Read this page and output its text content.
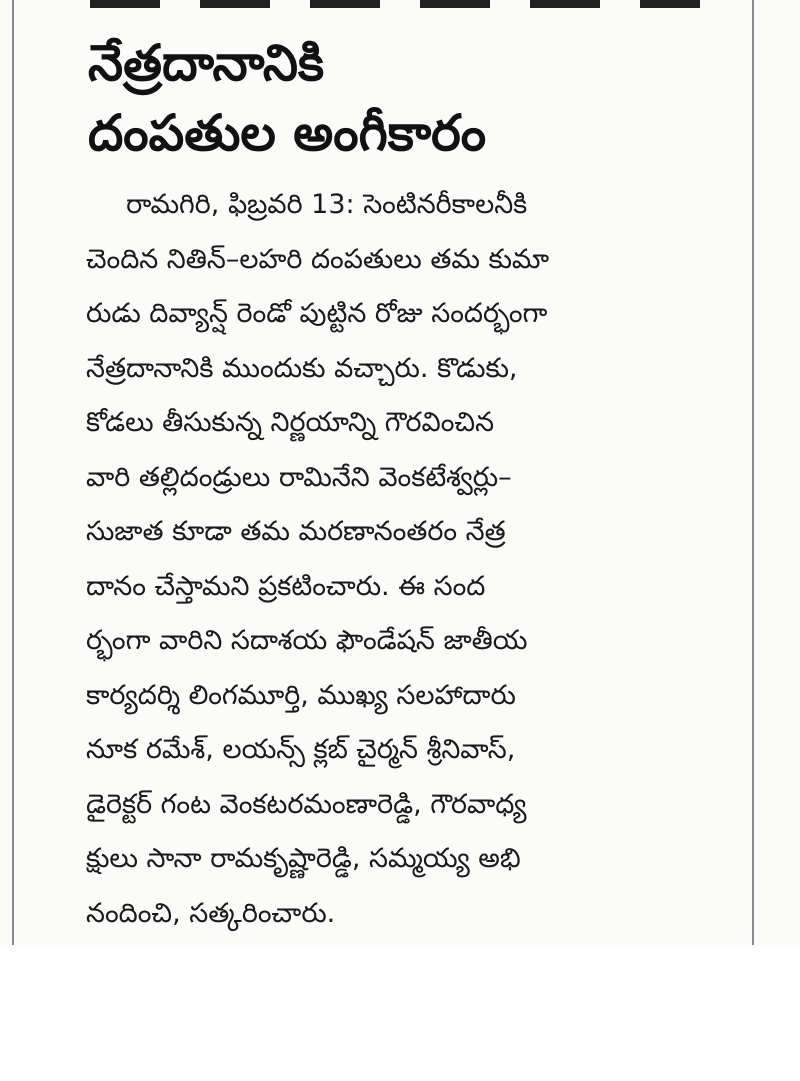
నేత్రదానానికి
దంపతుల అంగీకారం
రామగిరి, ఫిబ్రవరి 13: సెంటినరీకాలనీకి
చెందిన నితిన్–లహరి దంపతులు తమ కుమా
రుడు దివ్యాన్ష్ రెండో పుట్టిన రోజు సందర్భంగా
నేత్రదానానికి ముందుకు వచ్చారు. కొడుకు,
కోడలు తీసుకున్న నిర్ణయాన్ని గౌరవించిన
వారి తల్లిదండ్రులు రామినేని వెంకటేశ్వర్లు–
సుజాత కూడా తమ మరణానంతరం నేత్ర
దానం చేస్తామని ప్రకటించారు. ఈ సంద
ర్భంగా వారిని సదాశయ ఫౌండేషన్ జాతీయ
కార్యదర్శి లింగమూర్తి, ముఖ్య సలహాదారు
నూక రమేశ్, లయన్స్ క్లబ్ చైర్మన్ శ్రీనివాస్,
డైరెక్టర్ గంట వెంకటరమంణారెడ్డి, గౌరవాధ్య
క్షులు సానా రామకృష్ణారెడ్డి, సమ్మయ్య అభి
నందించి, సత్కరించారు.
